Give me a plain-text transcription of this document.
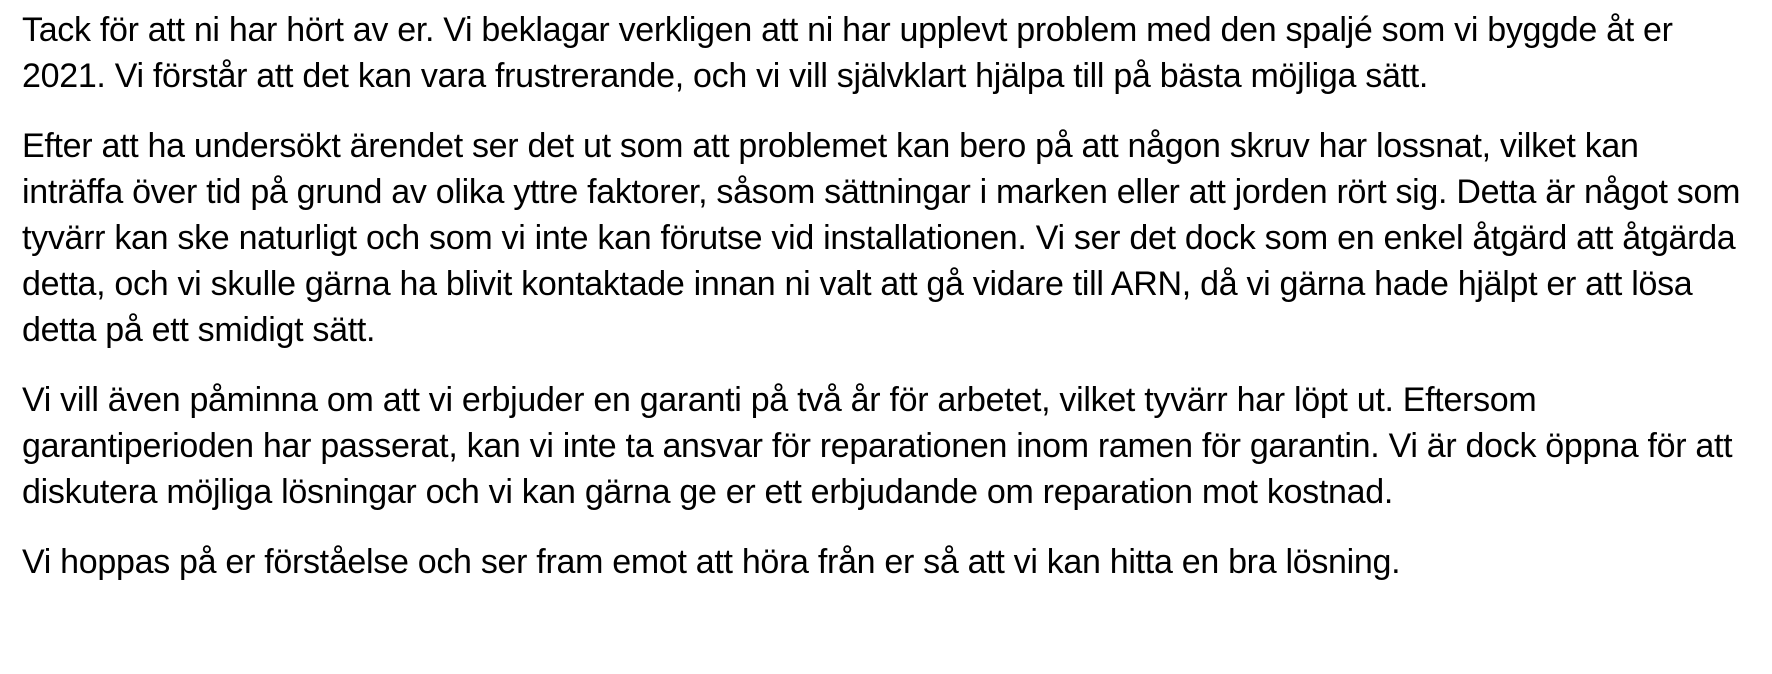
Tack för att ni har hört av er. Vi beklagar verkligen att ni har upplevt problem med den spaljé som vi byggde åt er 2021. Vi förstår att det kan vara frustrerande, och vi vill självklart hjälpa till på bästa möjliga sätt.

Efter att ha undersökt ärendet ser det ut som att problemet kan bero på att någon skruv har lossnat, vilket kan inträffa över tid på grund av olika yttre faktorer, såsom sättningar i marken eller att jorden rört sig. Detta är något som tyvärr kan ske naturligt och som vi inte kan förutse vid installationen. Vi ser det dock som en enkel åtgärd att åtgärda detta, och vi skulle gärna ha blivit kontaktade innan ni valt att gå vidare till ARN, då vi gärna hade hjälpt er att lösa detta på ett smidigt sätt.

Vi vill även påminna om att vi erbjuder en garanti på två år för arbetet, vilket tyvärr har löpt ut. Eftersom garantiperioden har passerat, kan vi inte ta ansvar för reparationen inom ramen för garantin. Vi är dock öppna för att diskutera möjliga lösningar och vi kan gärna ge er ett erbjudande om reparation mot kostnad.

Vi hoppas på er förståelse och ser fram emot att höra från er så att vi kan hitta en bra lösning.
